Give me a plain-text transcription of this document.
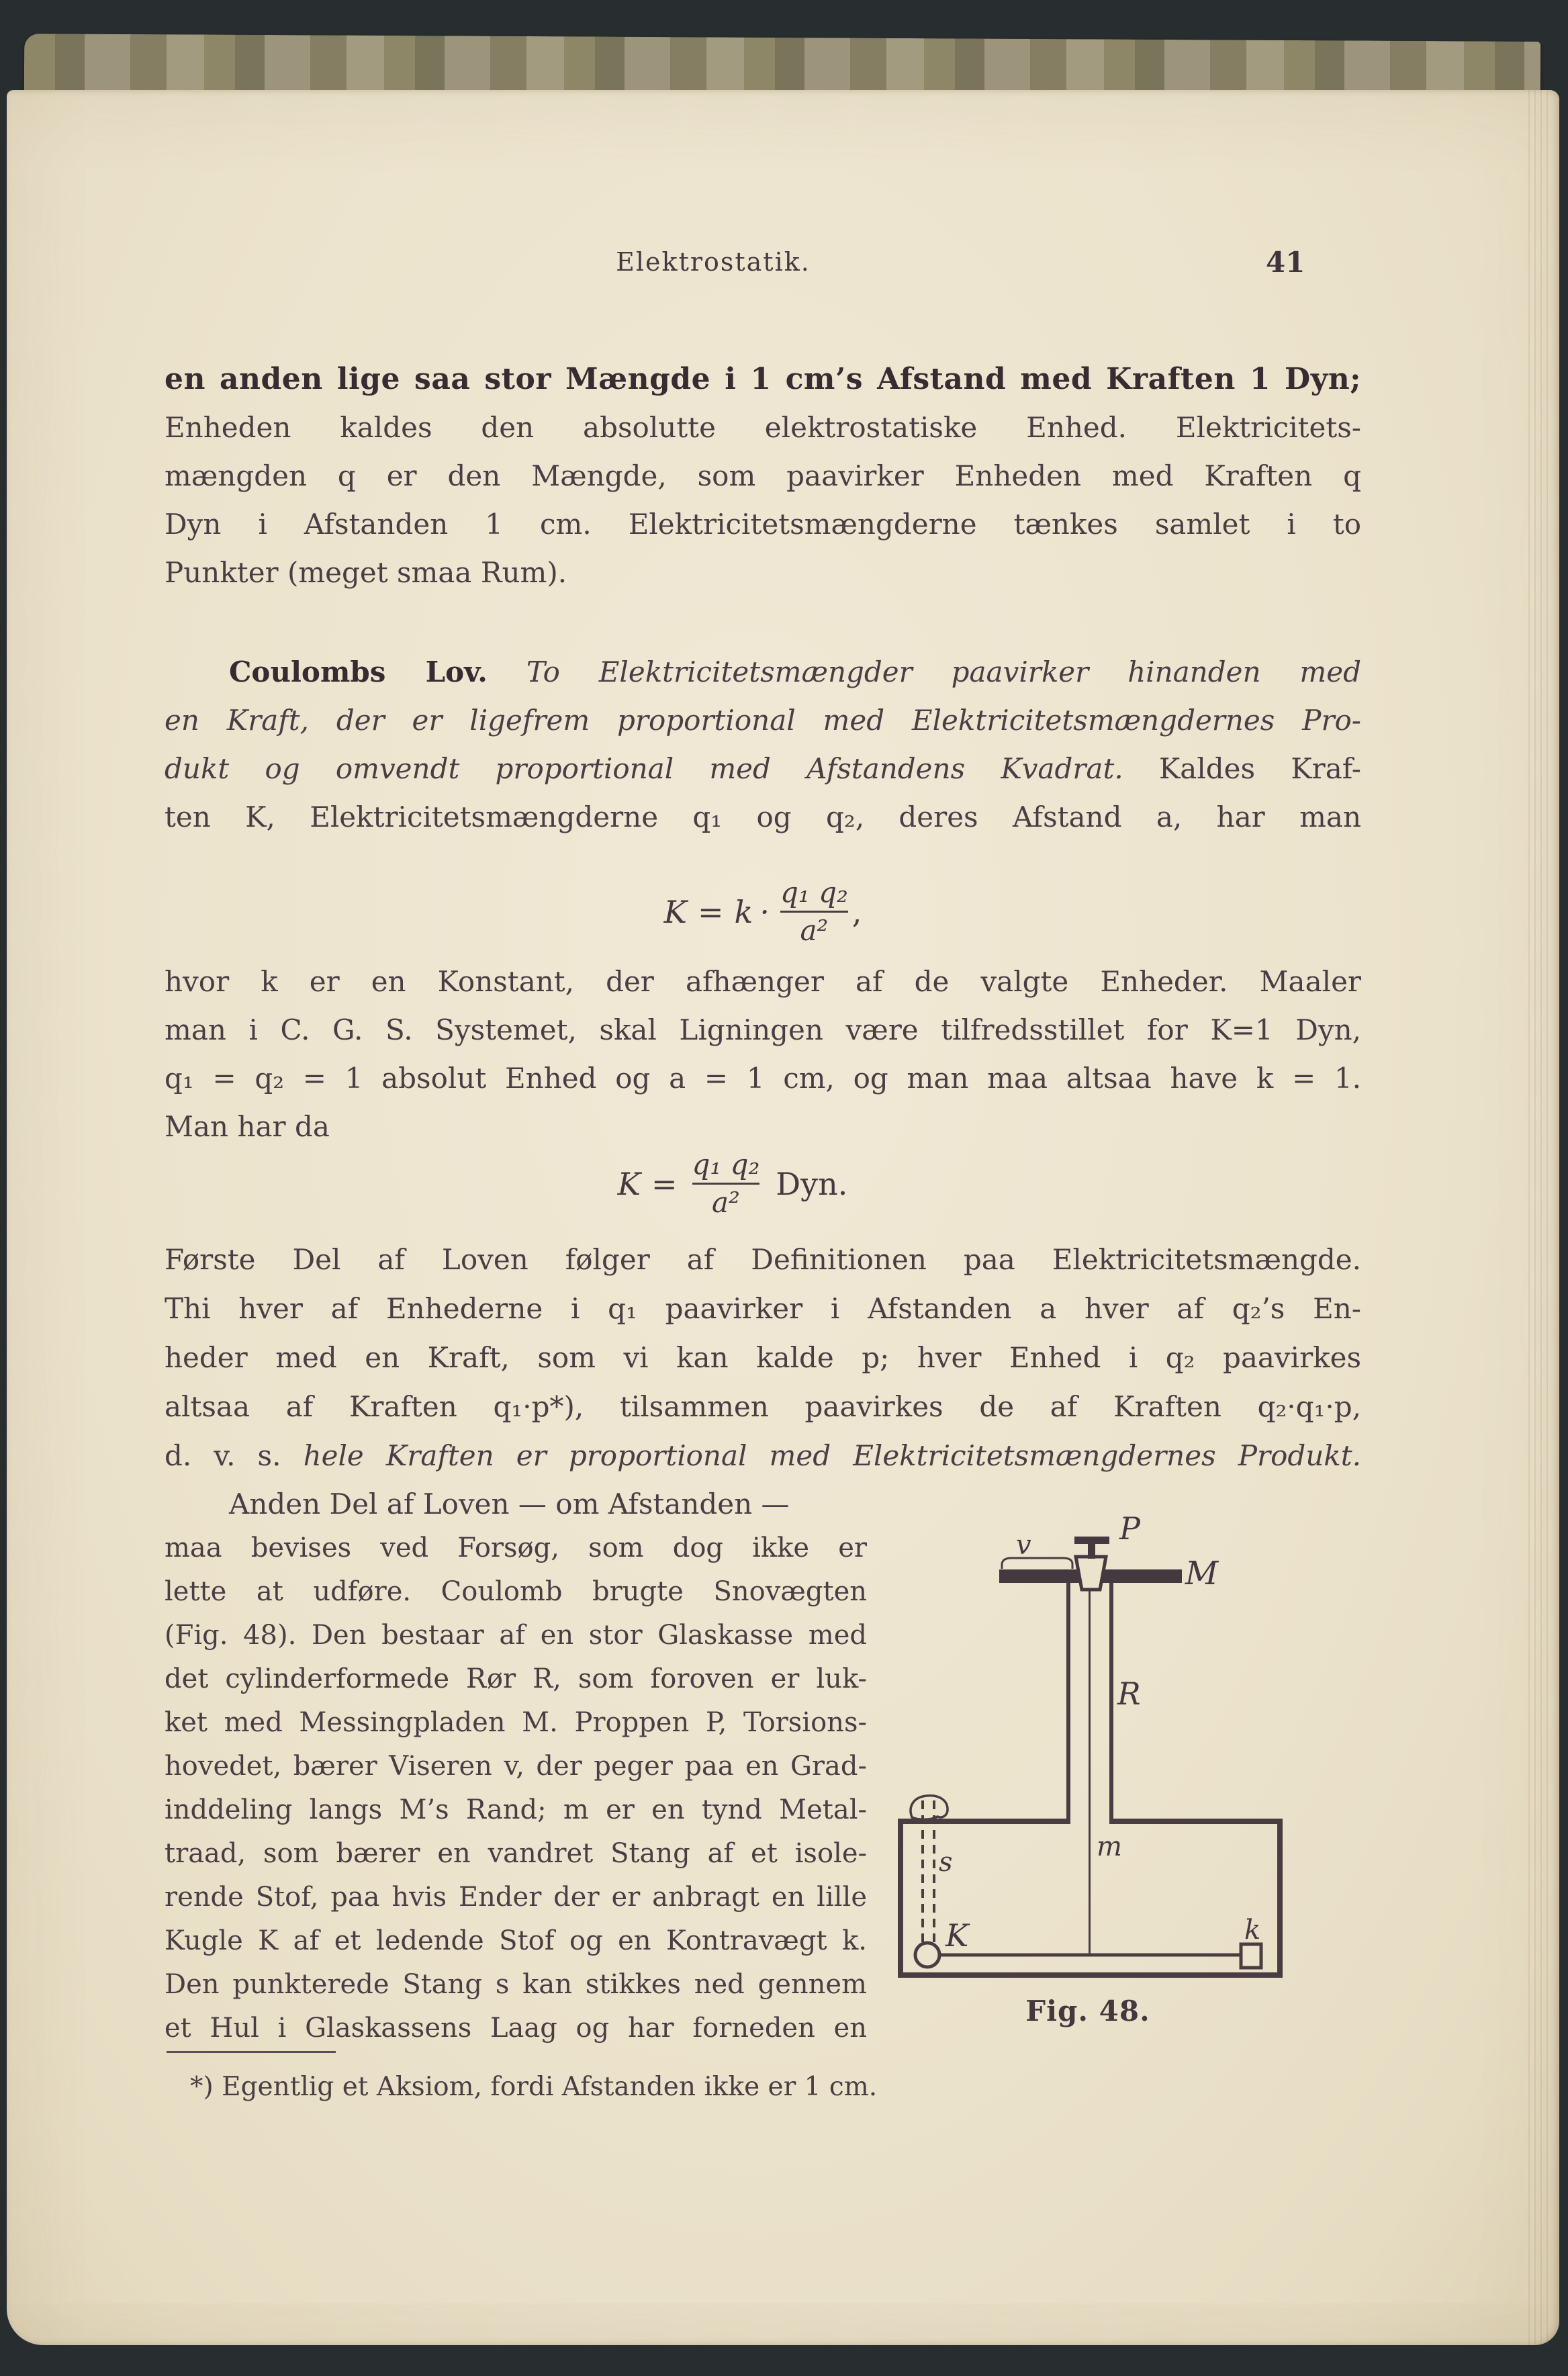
Elektrostatik.	41
en anden lige saa stor Mængde i 1 cm’s Afstand med Kraften 1 Dyn;
Enheden kaldes den absolutte elektrostatiske Enhed. Elektricitets-
mængden q er den Mængde, som paavirker Enheden med Kraften q
Dyn i Afstanden 1 cm. Elektricitetsmængderne tænkes samlet i to
Punkter (meget smaa Rum).
Coulombs Lov. To Elektricitetsmængder paavirker hinanden med
en Kraft, der er ligefrem proportional med Elektricitetsmængdernes Pro-
dukt og omvendt proportional med Afstandens Kvadrat. Kaldes Kraf-
ten K, Elektricitetsmængderne q₁ og q₂, deres Afstand a, har man
$K = k \cdot \frac{\text{q₁ q₂}}{\text{a²}}$ ,
hvor k er en Konstant, der afhænger af de valgte Enheder. Maaler
man i C. G. S. Systemet, skal Ligningen være tilfredsstillet for K=1 Dyn,
q₁ = q₂ = 1 absolut Enhed og a = 1 cm, og man maa altsaa have k = 1.
Man har da
$K = \frac{\text{q₁ q₂}}{\text{a²}}$ Dyn.
Første Del af Loven følger af Definitionen paa Elektricitetsmængde.
Thi hver af Enhederne i q₁ paavirker i Afstanden a hver af q₂’s En-
heder med en Kraft, som vi kan kalde p; hver Enhed i q₂ paavirkes
altsaa af Kraften q₁·p*), tilsammen paavirkes de af Kraften q₂·q₁·p,
d. v. s. hele Kraften er proportional med Elektricitetsmængdernes Produkt.
Anden Del af Loven — om Afstanden —
maa bevises ved Forsøg, som dog ikke er
lette at udføre. Coulomb brugte Snovægten
(Fig. 48). Den bestaar af en stor Glaskasse med
det cylinderformede Rør R, som foroven er luk-
ket med Messingpladen M. Proppen P, Torsions-
hovedet, bærer Viseren v, der peger paa en Grad-
inddeling langs M’s Rand; m er en tynd Metal-
traad, som bærer en vandret Stang af et isole-
rende Stof, paa hvis Ender der er anbragt en lille
Kugle K af et ledende Stof og en Kontravægt k.
Den punkterede Stang s kan stikkes ned gennem
et Hul i Glaskassens Laag og har forneden en
P
v
M
R
m
s
K	k
Fig. 48.
*) Egentlig et Aksiom, fordi Afstanden ikke er 1 cm.
